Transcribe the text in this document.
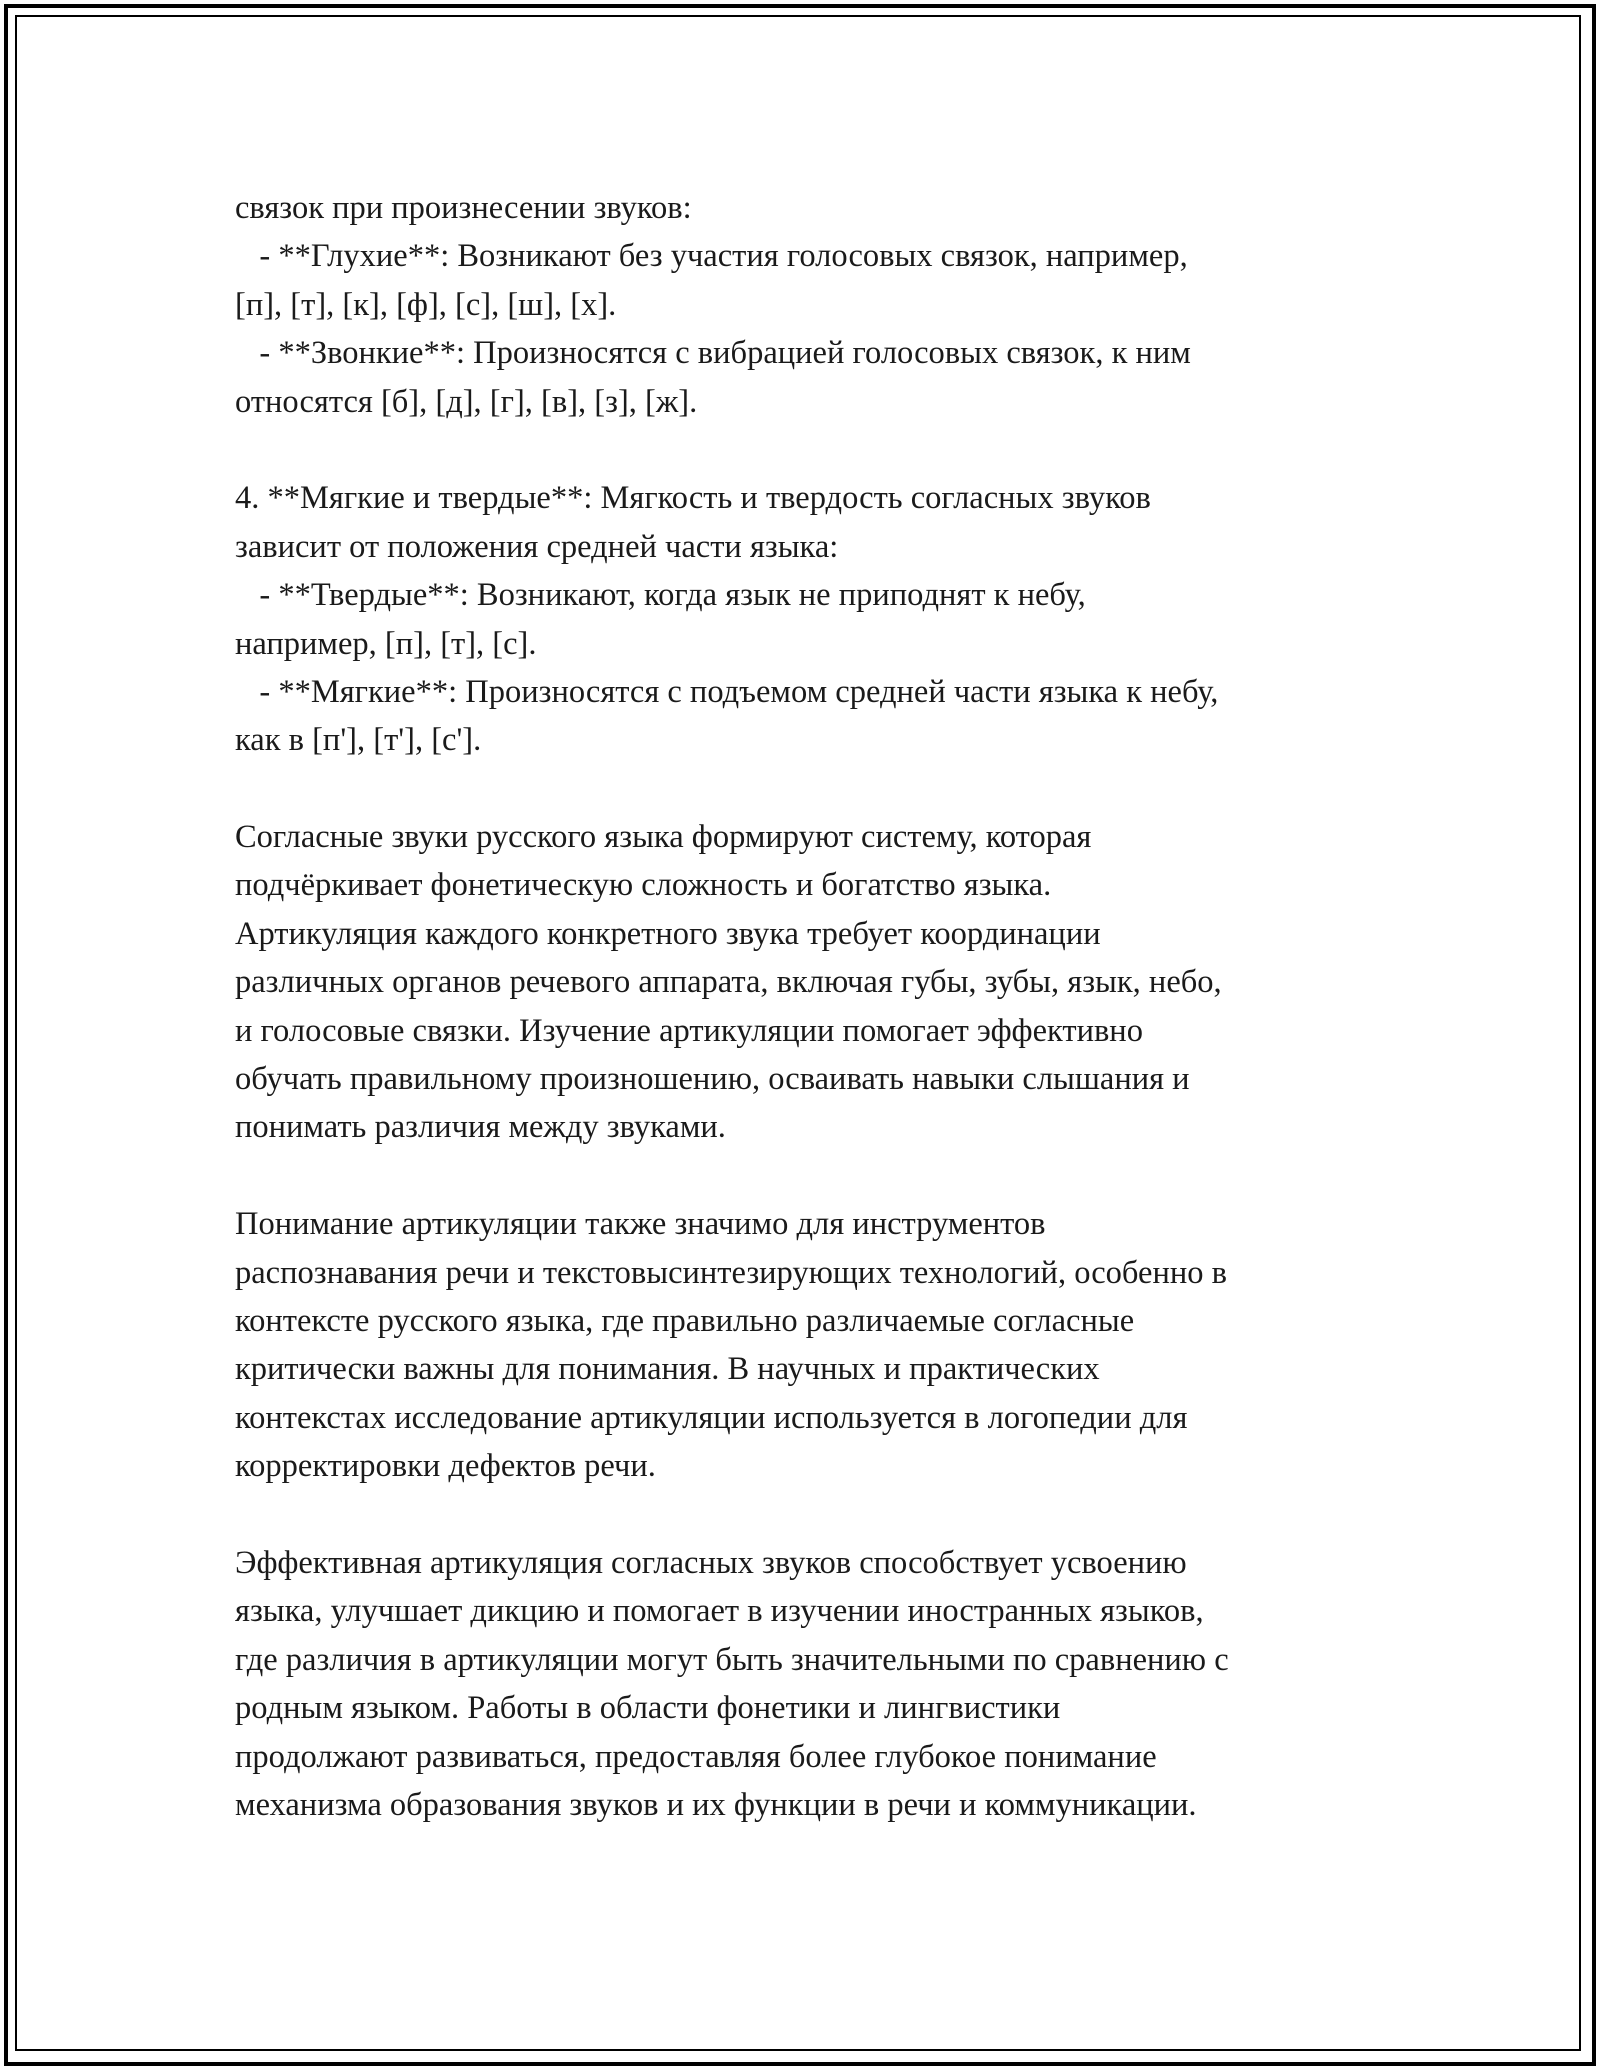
связок при произнесении звуков:
- **Глухие**: Возникают без участия голосовых связок, например,
[п], [т], [к], [ф], [с], [ш], [х].
- **Звонкие**: Произносятся с вибрацией голосовых связок, к ним
относятся [б], [д], [г], [в], [з], [ж].
4. **Мягкие и твердые**: Мягкость и твердость согласных звуков
зависит от положения средней части языка:
- **Твердые**: Возникают, когда язык не приподнят к небу,
например, [п], [т], [с].
- **Мягкие**: Произносятся с подъемом средней части языка к небу,
как в [п'], [т'], [с'].
Согласные звуки русского языка формируют систему, которая
подчёркивает фонетическую сложность и богатство языка.
Артикуляция каждого конкретного звука требует координации
различных органов речевого аппарата, включая губы, зубы, язык, небо,
и голосовые связки. Изучение артикуляции помогает эффективно
обучать правильному произношению, осваивать навыки слышания и
понимать различия между звуками.
Понимание артикуляции также значимо для инструментов
распознавания речи и текстовысинтезирующих технологий, особенно в
контексте русского языка, где правильно различаемые согласные
критически важны для понимания. В научных и практических
контекстах исследование артикуляции используется в логопедии для
корректировки дефектов речи.
Эффективная артикуляция согласных звуков способствует усвоению
языка, улучшает дикцию и помогает в изучении иностранных языков,
где различия в артикуляции могут быть значительными по сравнению с
родным языком. Работы в области фонетики и лингвистики
продолжают развиваться, предоставляя более глубокое понимание
механизма образования звуков и их функции в речи и коммуникации.
